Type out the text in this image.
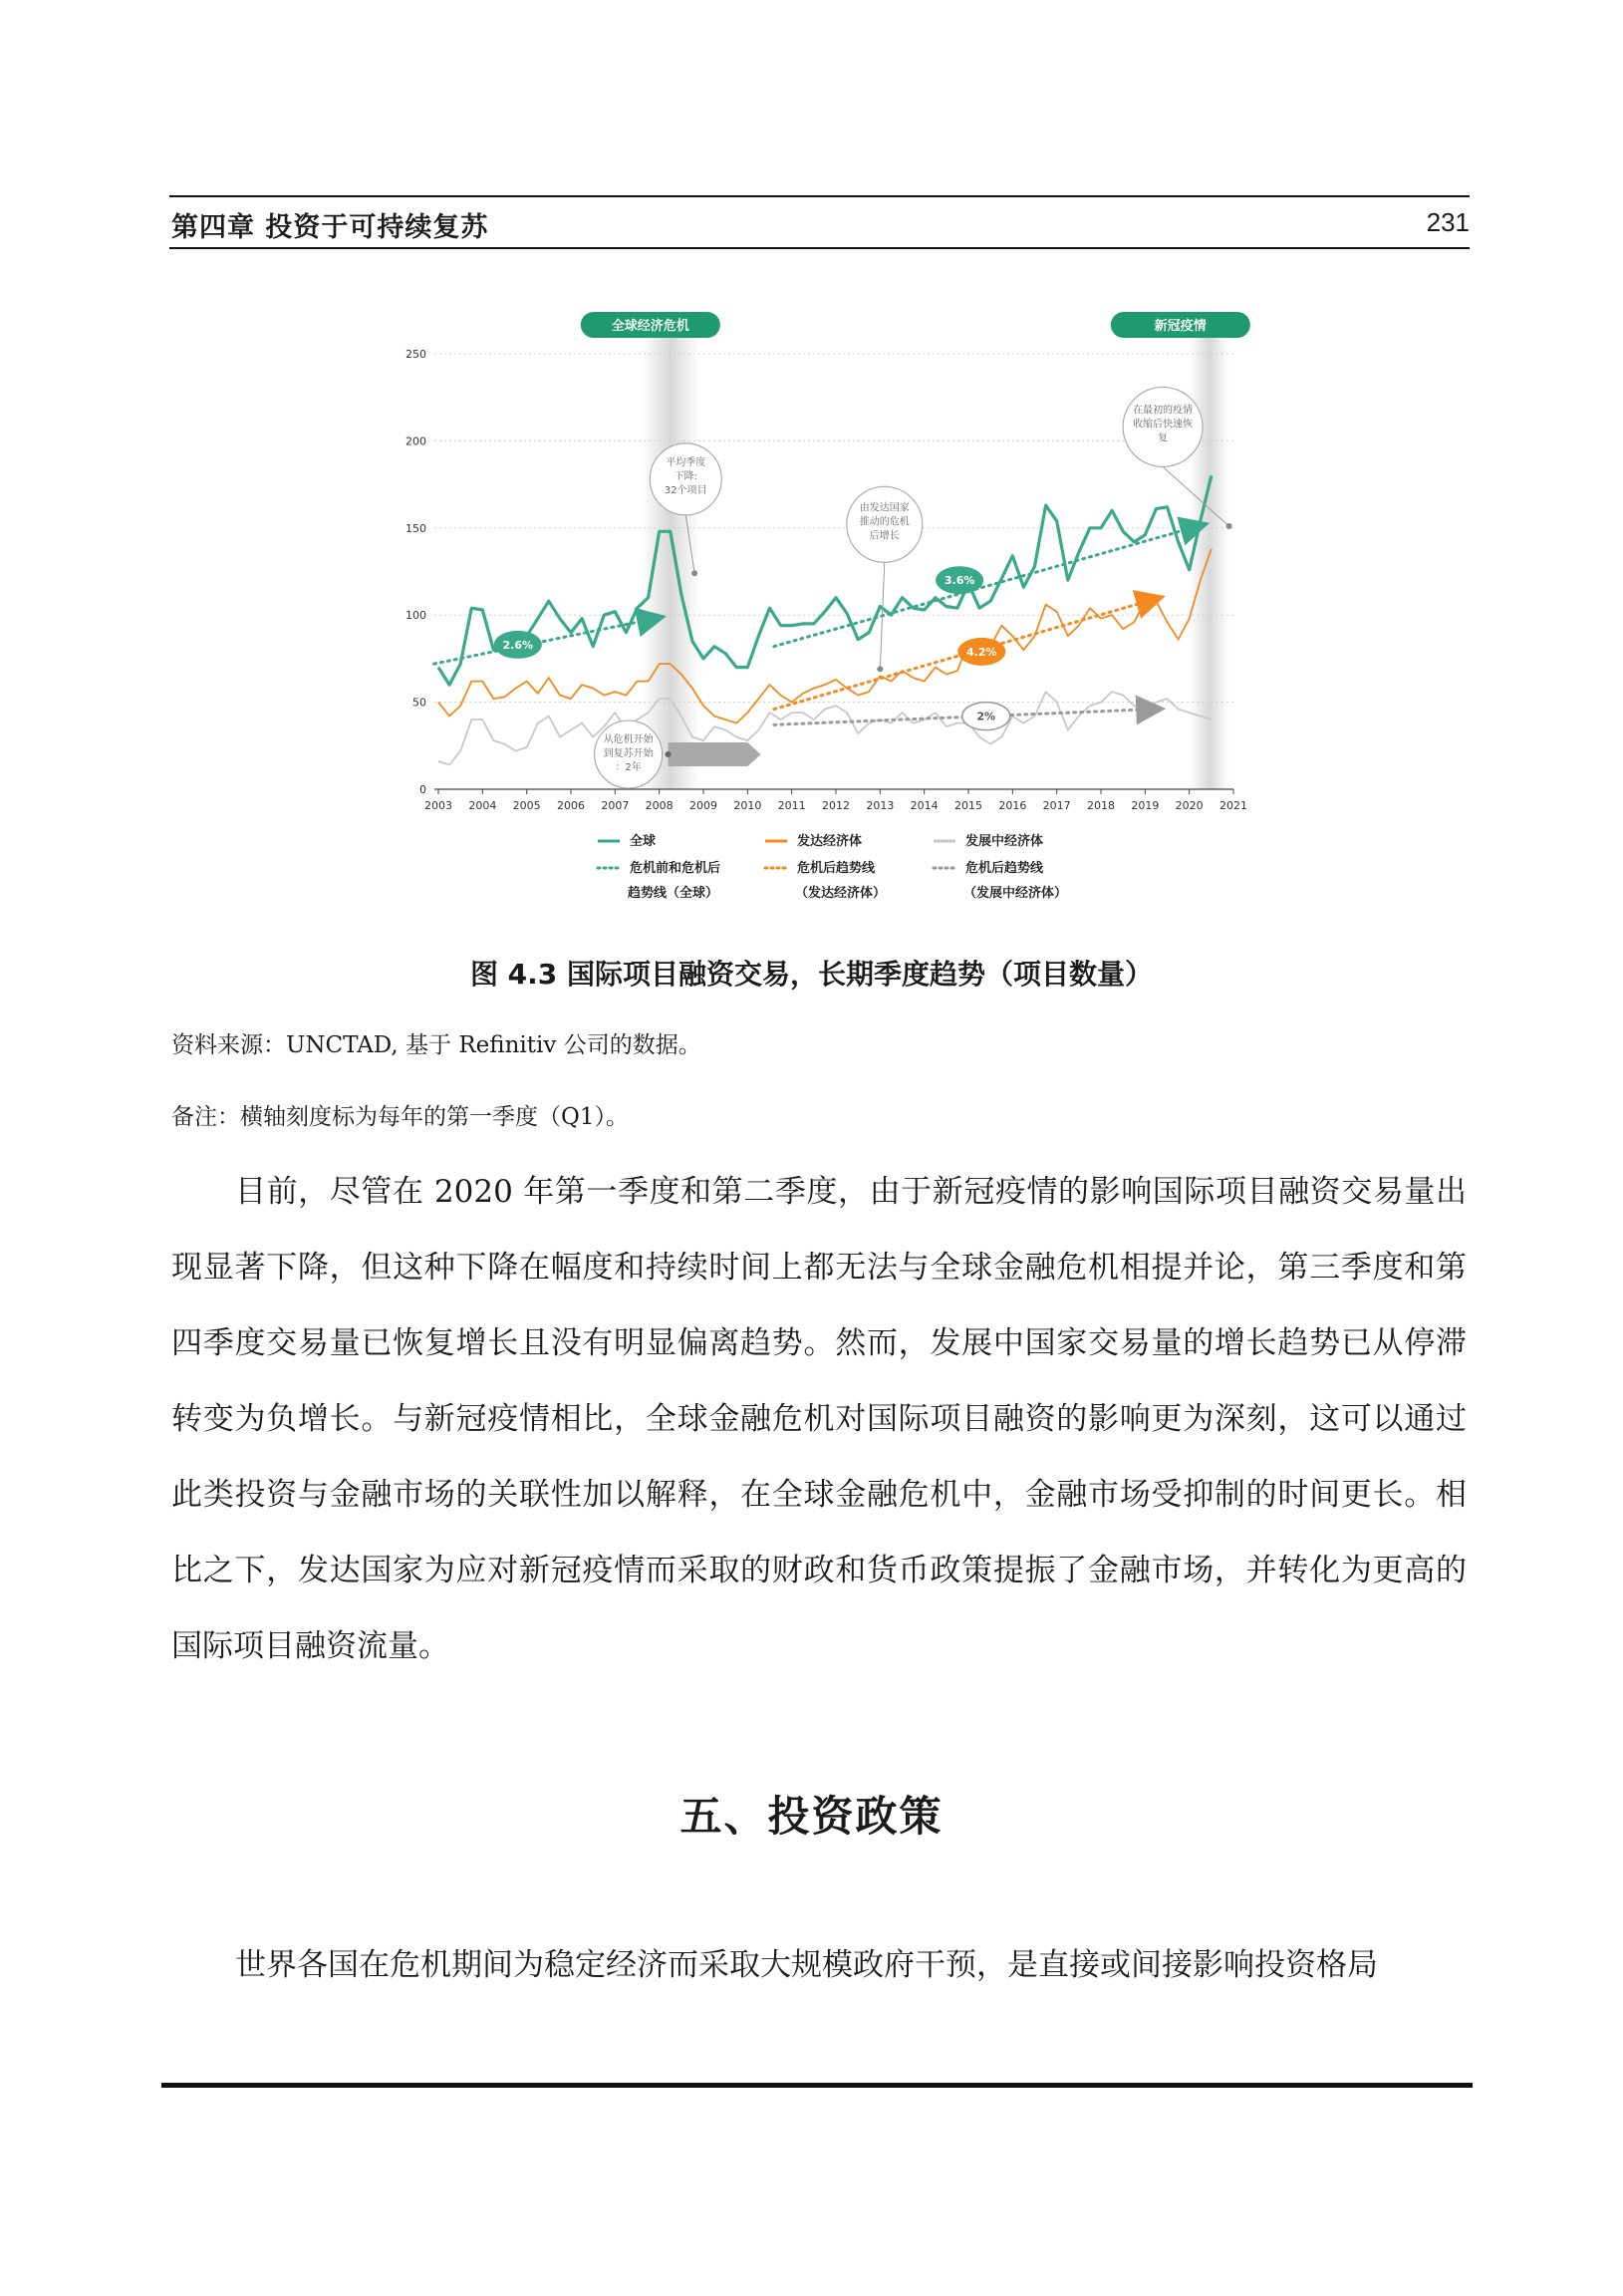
第四章 投资于可持续复苏	231
0
50
100
150
200
250
2003 2004 2005 2006 2007 2008 2009 2010 2011 2012 2013 2014 2015 2016 2017 2018 2019 2020 2021
全球经济危机	新冠疫情
2.6%
3.6%
4.2%
2%
平均季度
下降:
32个项目
由发达国家
推动的危机
后增长
在最初的疫情
收缩后快速恢
复
从危机开始
到复苏开始
：2年
全球	发达经济体	发展中经济体
危机前和危机后
趋势线（全球）
危机后趋势线
（发达经济体）
危机后趋势线
（发展中经济体）
图 4.3 国际项目融资交易，长期季度趋势（项目数量）
资料来源：UNCTAD, 基于 Refinitiv 公司的数据。
备注：横轴刻度标为每年的第一季度（Q1）。
目前，尽管在 2020 年第一季度和第二季度，由于新冠疫情的影响国际项目融资交易量出现显著下降，但这种下降在幅度和持续时间上都无法与全球金融危机相提并论，第三季度和第四季度交易量已恢复增长且没有明显偏离趋势。然而，发展中国家交易量的增长趋势已从停滞转变为负增长。与新冠疫情相比，全球金融危机对国际项目融资的影响更为深刻，这可以通过此类投资与金融市场的关联性加以解释，在全球金融危机中，金融市场受抑制的时间更长。相比之下，发达国家为应对新冠疫情而采取的财政和货币政策提振了金融市场，并转化为更高的国际项目融资流量。
五、投资政策
世界各国在危机期间为稳定经济而采取大规模政府干预，是直接或间接影响投资格局
